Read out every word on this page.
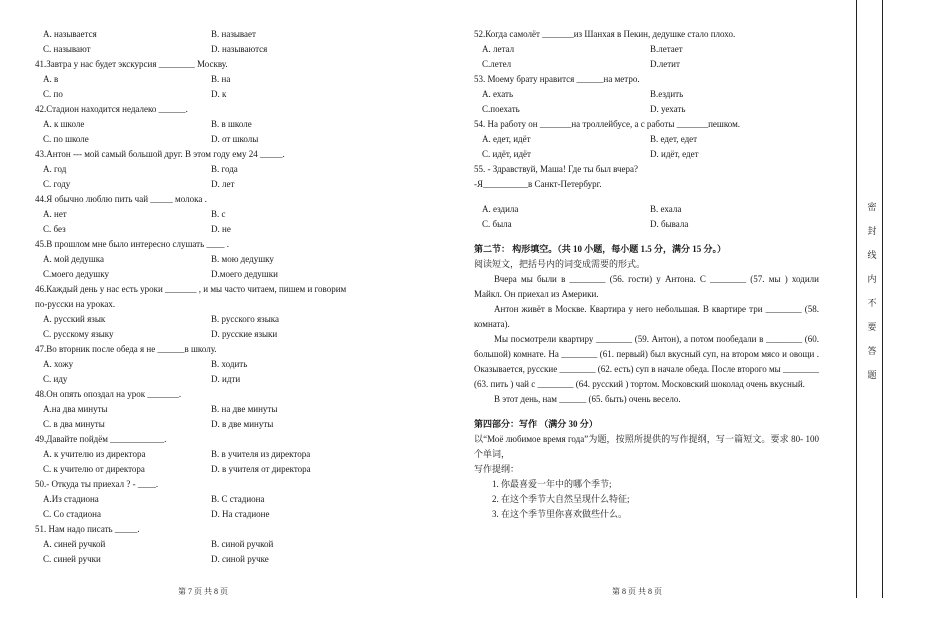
A. называется	B. называет
C. называют	D. называются
41.Завтра у нас будет экскурсия ________ Москву.
A. в	B. на
C. по	D. к
42.Стадион находится недалеко ______.
A. к школе	B. в школе
C. по школе	D. от школы
43.Антон --- мой самый большой друг. В этом году ему 24 _____.
A. год	B. года
C. году	D. лет
44.Я обычно люблю пить чай _____ молока .
A. нет	B. с
C. без	D. не
45.В прошлом мне было интересно слушать ____ .
A. мой дедушка	B. мою дедушку
C.моего дедушку	D.моего дедушки
46.Каждый день у нас есть уроки _______ , и мы часто читаем, пишем и говорим
по-русски на уроках.
A. русский язык	B. русского языка
C. русскому языку	D. русские языки
47.Во вторник после обеда я не ______в школу.
A. хожу	B. ходить
C. иду	D. идти
48.Он опять опоздал на урок _______.
A.на два минуты	B. на две минуты
C. в два минуты	D. в две минуты
49.Давайте пойдём ____________.
A. к учителю из директора	B. в учителя из директора
C. к учителю от директора	D. в учителя от директора
50.- Откуда ты приехал ? - ____.
A.Из стадиона	B. С стадиона
C. Со стадиона	D. На стадионе
51. Нам надо писать _____.
A. синей ручкой	B. синой ручкой
C. синей ручки	D. синой ручке
52.Когда самолёт _______из Шанхая в Пекин, дедушке стало плохо.
A. летал	B.летает
C.летел	D.летит
53. Моему брату нравится ______на метро.
A. ехать	B.ездить
C.поехать	D. уехать
54. На работу он _______на троллейбусе, а с работы _______пешком.
A. едет, идёт	B. едет, едет
C. идёт, идёт	D. идёт, едет
55. - Здравствуй, Маша! Где ты был вчера?
-Я__________в Санкт-Петербург.
A. ездила	B. ехала
C. была	D. бывала
第二节： 构形填空。（共 10 小题，每小题 1.5 分，满分 15 分。）
阅读短文，把括号内的词变成需要的形式。
Вчера мы были в ________ (56. гости) у Антона. С ________ (57. мы ) ходили Майкл. Он приехал из Америки.
Антон живёт в Москве. Квартира у него небольшая. В квартире три ________ (58. комната).
Мы посмотрели квартиру ________ (59. Антон), а потом пообедали в ________ (60. большой) комнате. На ________ (61. первый) был вкусный суп, на втором мясо и овощи . Оказывается, русские ________ (62. есть) суп в начале обеда. После второго мы ________ (63. пить ) чай с ________ (64. русский ) тортом. Московский шоколад очень вкусный.
В этот день, нам ______ (65. быть) очень весело.
第四部分：写作 （满分 30 分）
以“Моё любимое время года”为题，按照所提供的写作提纲，写一篇短文。要求 80- 100 个单词，
写作提纲：
1. 你最喜爱一年中的哪个季节;
2. 在这个季节大自然呈现什么特征;
3. 在这个季节里你喜欢做些什么。
第 7 页 共 8 页	第 8 页 共 8 页
密
封
线
内
不
要
答
题
